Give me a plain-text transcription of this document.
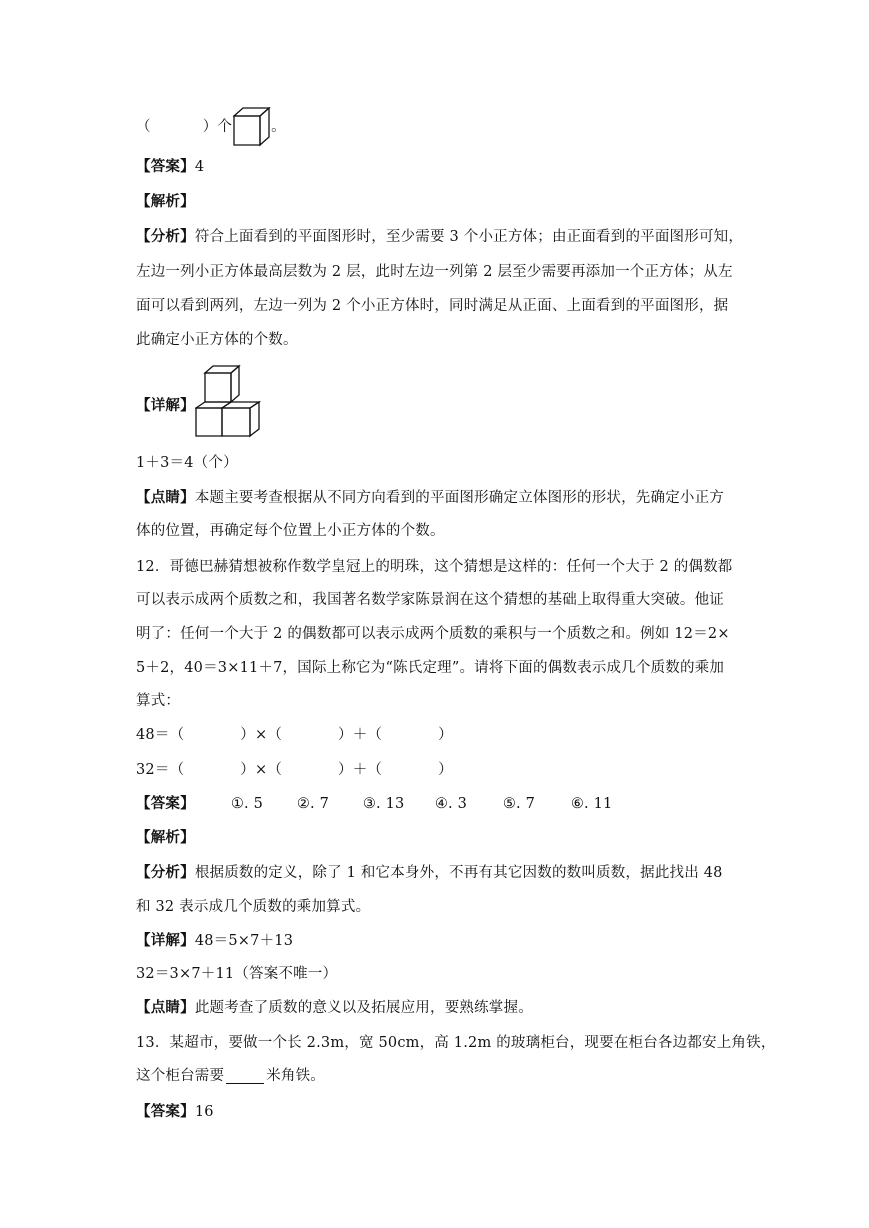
（	）个	。
【答案】4
【解析】
【分析】符合上面看到的平面图形时，至少需要 3 个小正方体；由正面看到的平面图形可知，
左边一列小正方体最高层数为 2 层，此时左边一列第 2 层至少需要再添加一个正方体；从左
面可以看到两列，左边一列为 2 个小正方体时，同时满足从正面、上面看到的平面图形，据
此确定小正方体的个数。
【详解】
1＋3＝4（个）
【点睛】本题主要考查根据从不同方向看到的平面图形确定立体图形的形状，先确定小正方
体的位置，再确定每个位置上小正方体的个数。
12．哥德巴赫猜想被称作数学皇冠上的明珠，这个猜想是这样的：任何一个大于 2 的偶数都
可以表示成两个质数之和，我国著名数学家陈景润在这个猜想的基础上取得重大突破。他证
明了：任何一个大于 2 的偶数都可以表示成两个质数的乘积与一个质数之和。例如 12＝2×
5＋2，40＝3×11＋7，国际上称它为“陈氏定理”。请将下面的偶数表示成几个质数的乘加
算式：
48＝ （	）×（	）＋（	）
32＝ （	）×（	）＋（	）
【答案】 ①. 5	②. 7	③. 13	④. 3	⑤. 7	⑥. 11
【解析】
【分析】根据质数的定义，除了 1 和它本身外，不再有其它因数的数叫质数，据此找出 48
和 32 表示成几个质数的乘加算式。
【详解】48＝5×7＋13
32＝3×7＋11（答案不唯一）
【点睛】此题考查了质数的意义以及拓展应用，要熟练掌握。
13．某超市，要做一个长 2.3m，宽 50cm，高 1.2m 的玻璃柜台，现要在柜台各边都安上角铁，
这个柜台需要	米角铁。
【答案】16
